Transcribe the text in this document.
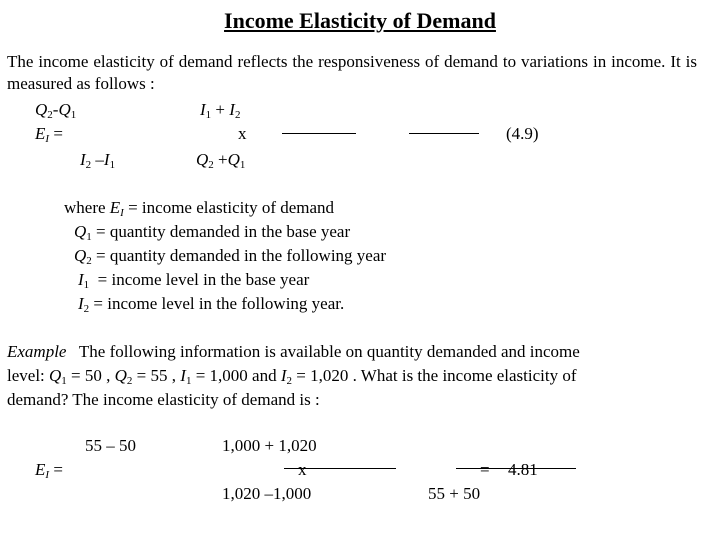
Income Elasticity of Demand
The income elasticity of demand reflects the responsiveness of demand to variations in income. It is measured as follows :
$Q_2-Q_1$	$I_1 + I_2$
$E_I$ =	x	(4.9)
$I_2$ $-I_1$	$Q_2 +Q_1$
where $E_I$ = income elasticity of demand
$Q_1$ = quantity demanded in the base year
$Q_2$ = quantity demanded in the following year
$I_1$  = income level in the base year
$I_2$ = income level in the following year.
Example   The following information is available on quantity demanded and income
level: $Q_1 = 50$ , $Q_2 = 55$ , $I_1 = 1,000$ and $I_2 = 1,020$ . What is the income elasticity of
demand? The income elasticity of demand is :
55 – 50	1,000 + 1,020
$E_I$ =	x	= 4.81
1,020 –1,000	55 + 50
